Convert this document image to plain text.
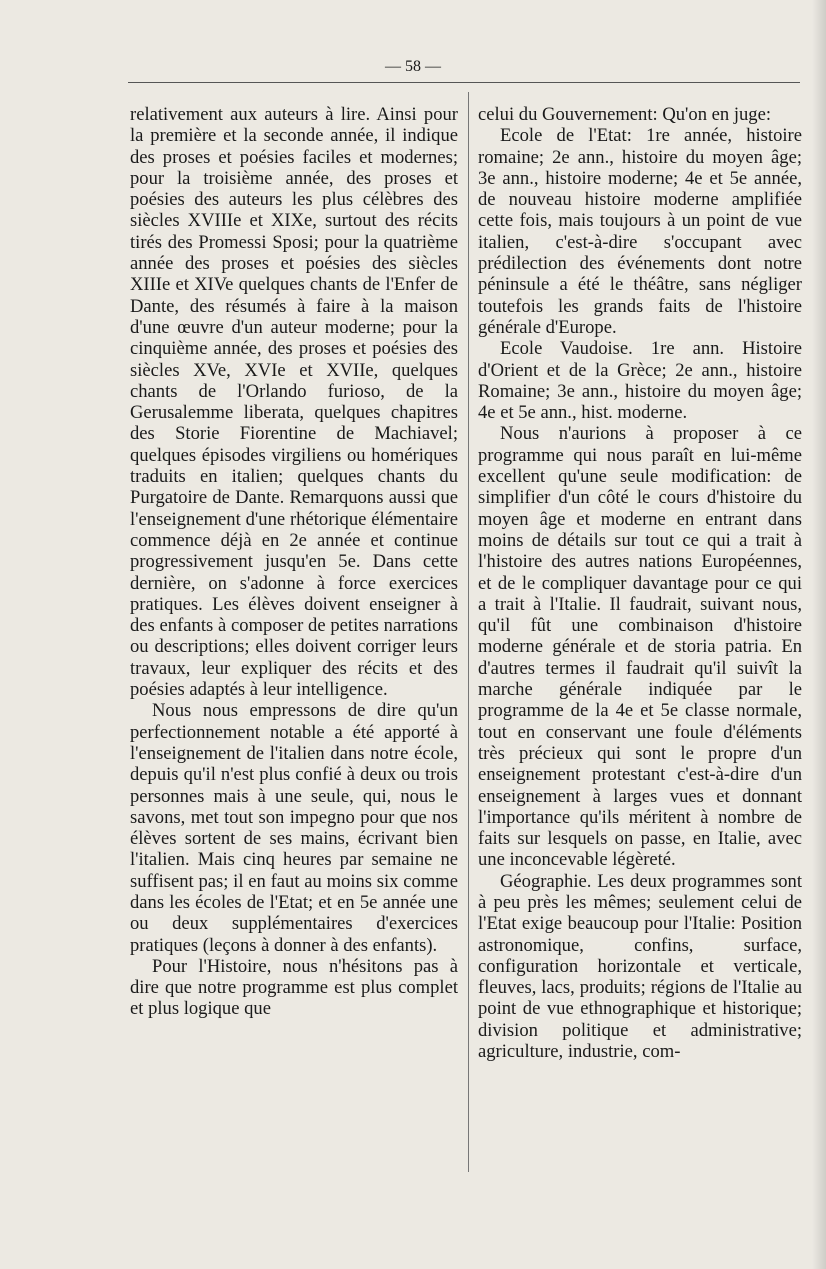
— 58 —

relativement aux auteurs à lire. Ainsi pour la première et la seconde année, il indique des proses et poésies faciles et modernes; pour la troisième année, des proses et poésies des auteurs les plus célèbres des siècles XVIIIe et XIXe, surtout des récits tirés des Promessi Sposi; pour la quatrième année des proses et poésies des siècles XIIIe et XIVe quelques chants de l'Enfer de Dante, des résumés à faire à la maison d'une œuvre d'un auteur moderne; pour la cinquième année, des proses et poésies des siècles XVe, XVIe et XVIIe, quelques chants de l'Orlando furioso, de la Gerusalemme liberata, quelques chapitres des Storie Fiorentine de Machiavel; quelques épisodes virgiliens ou homériques traduits en italien; quelques chants du Purgatoire de Dante. Remarquons aussi que l'enseignement d'une rhétorique élémentaire commence déjà en 2e année et continue progressivement jusqu'en 5e. Dans cette dernière, on s'adonne à force exercices pratiques. Les élèves doivent enseigner à des enfants à composer de petites narrations ou descriptions; elles doivent corriger leurs travaux, leur expliquer des récits et des poésies adaptés à leur intelligence.

Nous nous empressons de dire qu'un perfectionnement notable a été apporté à l'enseignement de l'italien dans notre école, depuis qu'il n'est plus confié à deux ou trois personnes mais à une seule, qui, nous le savons, met tout son impegno pour que nos élèves sortent de ses mains, écrivant bien l'italien. Mais cinq heures par semaine ne suffisent pas; il en faut au moins six comme dans les écoles de l'Etat; et en 5e année une ou deux supplémentaires d'exercices pratiques (leçons à donner à des enfants).

Pour l'Histoire, nous n'hésitons pas à dire que notre programme est plus complet et plus logique que

celui du Gouvernement: Qu'on en juge:

Ecole de l'Etat: 1re année, histoire romaine; 2e ann., histoire du moyen âge; 3e ann., histoire moderne; 4e et 5e année, de nouveau histoire moderne amplifiée cette fois, mais toujours à un point de vue italien, c'est-à-dire s'occupant avec prédilection des événements dont notre péninsule a été le théâtre, sans négliger toutefois les grands faits de l'histoire générale d'Europe.

Ecole Vaudoise. 1re ann. Histoire d'Orient et de la Grèce; 2e ann., histoire Romaine; 3e ann., histoire du moyen âge; 4e et 5e ann., hist. moderne.

Nous n'aurions à proposer à ce programme qui nous paraît en lui-même excellent qu'une seule modification: de simplifier d'un côté le cours d'histoire du moyen âge et moderne en entrant dans moins de détails sur tout ce qui a trait à l'histoire des autres nations Européennes, et de le compliquer davantage pour ce qui a trait à l'Italie. Il faudrait, suivant nous, qu'il fût une combinaison d'histoire moderne générale et de storia patria. En d'autres termes il faudrait qu'il suivît la marche générale indiquée par le programme de la 4e et 5e classe normale, tout en conservant une foule d'éléments très précieux qui sont le propre d'un enseignement protestant c'est-à-dire d'un enseignement à larges vues et donnant l'importance qu'ils méritent à nombre de faits sur lesquels on passe, en Italie, avec une inconcevable légèreté.

Géographie. Les deux programmes sont à peu près les mêmes; seulement celui de l'Etat exige beaucoup pour l'Italie: Position astronomique, confins, surface, configuration horizontale et verticale, fleuves, lacs, produits; régions de l'Italie au point de vue ethnographique et historique; division politique et administrative; agriculture, industrie, com-
